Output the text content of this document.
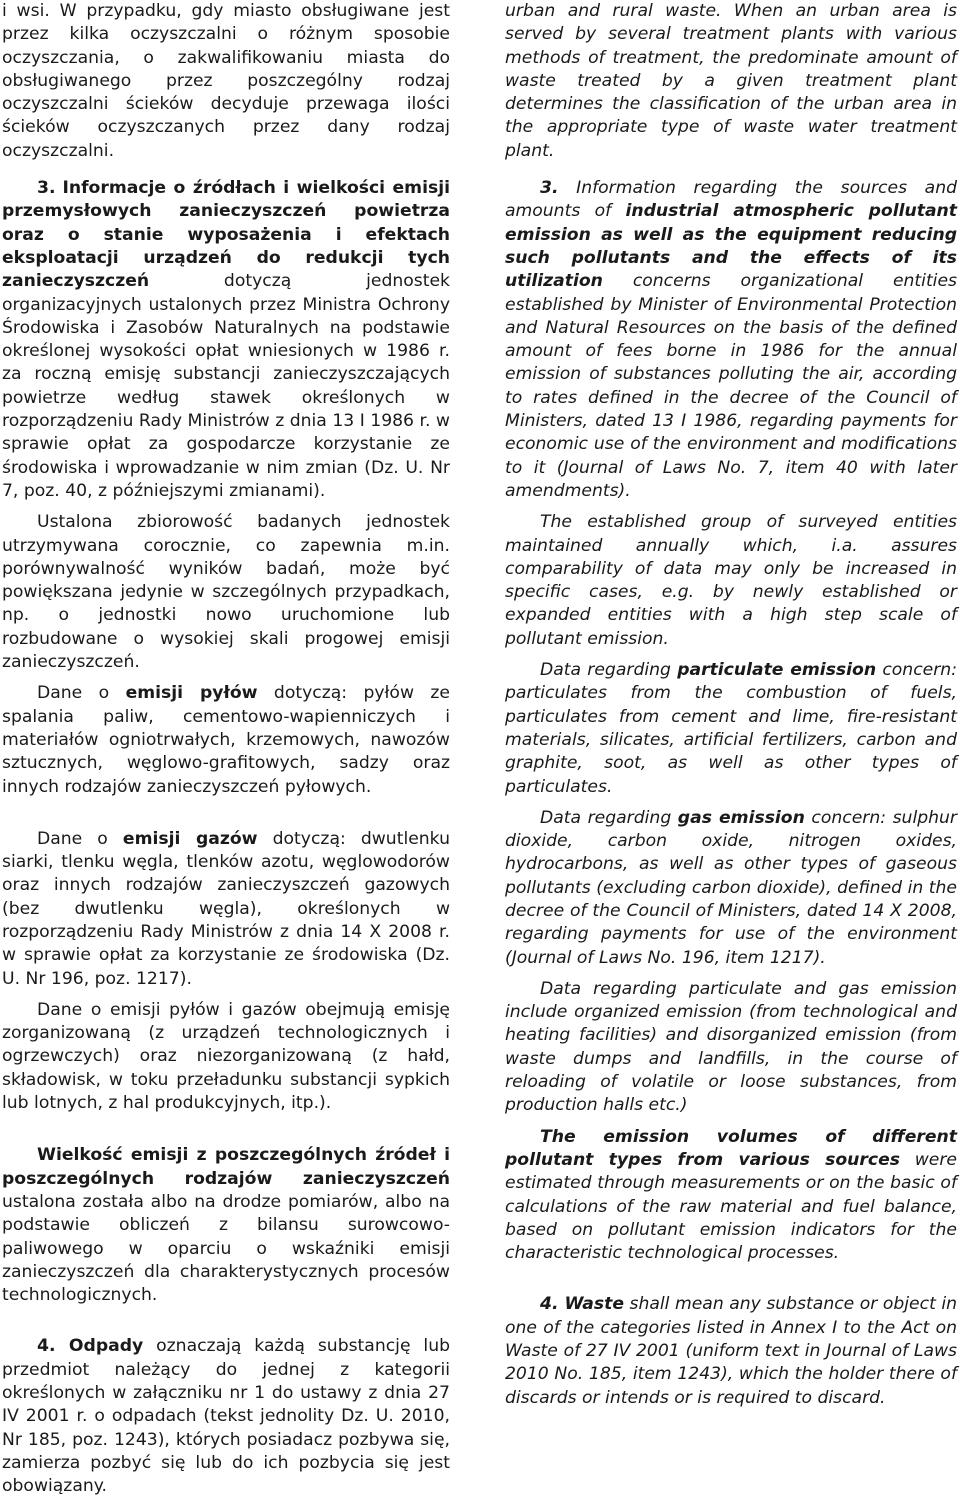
i wsi. W przypadku, gdy miasto obsługiwane jest przez kilka oczyszczalni o różnym sposobie oczyszczania, o zakwalifikowaniu miasta do obsługiwanego przez poszczególny rodzaj oczyszczalni ścieków decyduje przewaga ilości ścieków oczyszczanych przez dany rodzaj oczyszczalni.

3. Informacje o źródłach i wielkości emisji przemysłowych zanieczyszczeń powietrza oraz o stanie wyposażenia i efektach eksploatacji urządzeń do redukcji tych zanieczyszczeń dotyczą jednostek organizacyjnych ustalonych przez Ministra Ochrony Środowiska i Zasobów Naturalnych na podstawie określonej wysokości opłat wniesionych w 1986 r. za roczną emisję substancji zanieczyszczających powietrze według stawek określonych w rozporządzeniu Rady Ministrów z dnia 13 I 1986 r. w sprawie opłat za gospodarcze korzystanie ze środowiska i wprowadzanie w nim zmian (Dz. U. Nr 7, poz. 40, z późniejszymi zmianami).

Ustalona zbiorowość badanych jednostek utrzymywana corocznie, co zapewnia m.in. porównywalność wyników badań, może być powiększana jedynie w szczególnych przypadkach, np. o jednostki nowo uruchomione lub rozbudowane o wysokiej skali progowej emisji zanieczyszczeń.

Dane o emisji pyłów dotyczą: pyłów ze spalania paliw, cementowo-wapienniczych i materiałów ogniotrwałych, krzemowych, nawozów sztucznych, węglowo-grafitowych, sadzy oraz innych rodzajów zanieczyszczeń pyłowych.

Dane o emisji gazów dotyczą: dwutlenku siarki, tlenku węgla, tlenków azotu, węglowodorów oraz innych rodzajów zanieczyszczeń gazowych (bez dwutlenku węgla), określonych w rozporządzeniu Rady Ministrów z dnia 14 X 2008 r. w sprawie opłat za korzystanie ze środowiska (Dz. U. Nr 196, poz. 1217).

Dane o emisji pyłów i gazów obejmują emisję zorganizowaną (z urządzeń technologicznych i ogrzewczych) oraz niezorganizowaną (z hałd, składowisk, w toku przeładunku substancji sypkich lub lotnych, z hal produkcyjnych, itp.).

Wielkość emisji z poszczególnych źródeł i poszczególnych rodzajów zanieczyszczeń ustalona została albo na drodze pomiarów, albo na podstawie obliczeń z bilansu surowcowo-paliwowego w oparciu o wskaźniki emisji zanieczyszczeń dla charakterystycznych procesów technologicznych.

4. Odpady oznaczają każdą substancję lub przedmiot należący do jednej z kategorii określonych w załączniku nr 1 do ustawy z dnia 27 IV 2001 r. o odpadach (tekst jednolity Dz. U. 2010, Nr 185, poz. 1243), których posiadacz pozbywa się, zamierza pozbyć się lub do ich pozbycia się jest obowiązany.

urban and rural waste. When an urban area is served by several treatment plants with various methods of treatment, the predominate amount of waste treated by a given treatment plant determines the classification of the urban area in the appropriate type of waste water treatment plant.

3. Information regarding the sources and amounts of industrial atmospheric pollutant emission as well as the equipment reducing such pollutants and the effects of its utilization concerns organizational entities established by Minister of Environmental Protection and Natural Resources on the basis of the defined amount of fees borne in 1986 for the annual emission of substances polluting the air, according to rates defined in the decree of the Council of Ministers, dated 13 I 1986, regarding payments for economic use of the environment and modifications to it (Journal of Laws No. 7, item 40 with later amendments).

The established group of surveyed entities maintained annually which, i.a. assures comparability of data may only be increased in specific cases, e.g. by newly established or expanded entities with a high step scale of pollutant emission.

Data regarding particulate emission concern: particulates from the combustion of fuels, particulates from cement and lime, fire-resistant materials, silicates, artificial fertilizers, carbon and graphite, soot, as well as other types of particulates.

Data regarding gas emission concern: sulphur dioxide, carbon oxide, nitrogen oxides, hydrocarbons, as well as other types of gaseous pollutants (excluding carbon dioxide), defined in the decree of the Council of Ministers, dated 14 X 2008, regarding payments for use of the environment (Journal of Laws No. 196, item 1217).

Data regarding particulate and gas emission include organized emission (from technological and heating facilities) and disorganized emission (from waste dumps and landfills, in the course of reloading of volatile or loose substances, from production halls etc.)

The emission volumes of different pollutant types from various sources were estimated through measurements or on the basic of calculations of the raw material and fuel balance, based on pollutant emission indicators for the characteristic technological processes.

4. Waste shall mean any substance or object in one of the categories listed in Annex I to the Act on Waste of 27 IV 2001 (uniform text in Journal of Laws 2010 No. 185, item 1243), which the holder there of discards or intends or is required to discard.
